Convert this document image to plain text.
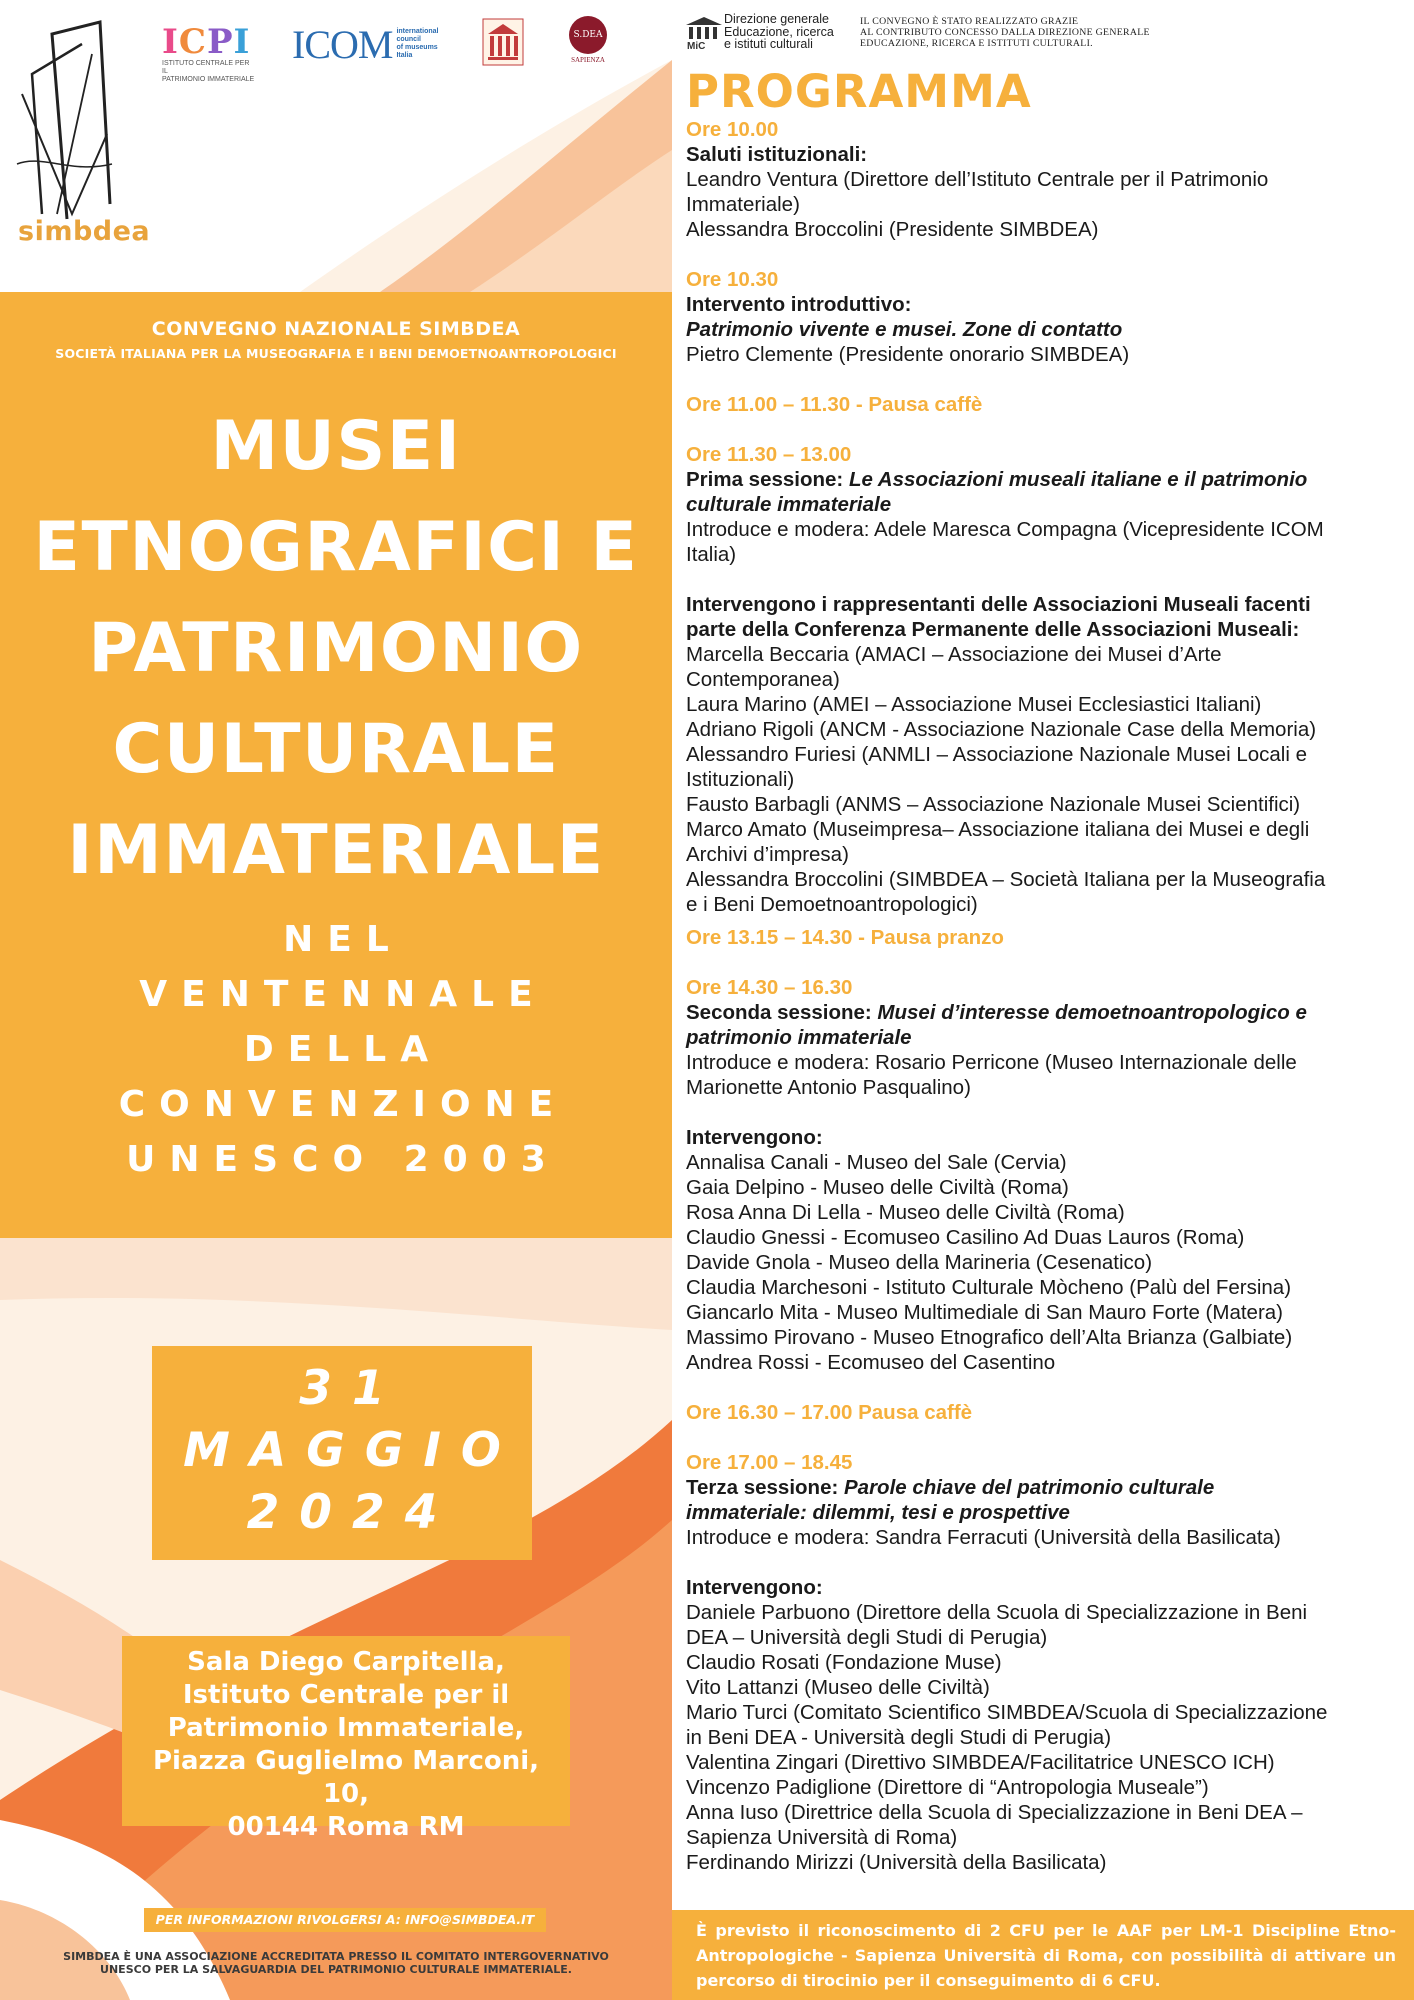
simbdea
ICPI
ISTITUTO CENTRALE PER IL
PATRIMONIO IMMATERIALE
ICOM international
council
of museums
Italia
S.DEA
SAPIENZA
CONVEGNO NAZIONALE SIMBDEA
SOCIETÀ ITALIANA PER LA MUSEOGRAFIA E I BENI DEMOETNOANTROPOLOGICI
MUSEI
ETNOGRAFICI E
PATRIMONIO
CULTURALE
IMMATERIALE
NEL
VENTENNALE
DELLA
CONVENZIONE
UNESCO 2003
31
MAGGIO
2024
Sala Diego Carpitella,
Istituto Centrale per il
Patrimonio Immateriale,
Piazza Guglielmo Marconi, 10,
00144 Roma RM
PER INFORMAZIONI RIVOLGERSI A: INFO@SIMBDEA.IT
SIMBDEA È UNA ASSOCIAZIONE ACCREDITATA PRESSO IL COMITATO INTERGOVERNATIVO
UNESCO PER LA SALVAGUARDIA DEL PATRIMONIO CULTURALE IMMATERIALE.
MiC
Direzione generale
Educazione, ricerca
e istituti culturali
IL CONVEGNO È STATO REALIZZATO GRAZIE
AL CONTRIBUTO CONCESSO DALLA DIREZIONE GENERALE
EDUCAZIONE, RICERCA E ISTITUTI CULTURALI.
PROGRAMMA
Ore 10.00
Saluti istituzionali:
Leandro Ventura (Direttore dell’Istituto Centrale per il Patrimonio
Immateriale)
Alessandra Broccolini (Presidente SIMBDEA)
Ore 10.30
Intervento introduttivo:
Patrimonio vivente e musei. Zone di contatto
Pietro Clemente (Presidente onorario SIMBDEA)
Ore 11.00 – 11.30 - Pausa caffè
Ore 11.30 – 13.00
Prima sessione: Le Associazioni museali italiane e il patrimonio
culturale immateriale
Introduce e modera: Adele Maresca Compagna (Vicepresidente ICOM
Italia)
Intervengono i rappresentanti delle Associazioni Museali facenti
parte della Conferenza Permanente delle Associazioni Museali:
Marcella Beccaria (AMACI – Associazione dei Musei d’Arte
Contemporanea)
Laura Marino (AMEI – Associazione Musei Ecclesiastici Italiani)
Adriano Rigoli (ANCM - Associazione Nazionale Case della Memoria)
Alessandro Furiesi (ANMLI – Associazione Nazionale Musei Locali e
Istituzionali)
Fausto Barbagli (ANMS – Associazione Nazionale Musei Scientifici)
Marco Amato (Museimpresa– Associazione italiana dei Musei e degli
Archivi d’impresa)
Alessandra Broccolini (SIMBDEA – Società Italiana per la Museografia
e i Beni Demoetnoantropologici)
Ore 13.15 – 14.30 - Pausa pranzo
Ore 14.30 – 16.30
Seconda sessione: Musei d’interesse demoetnoantropologico e
patrimonio immateriale
Introduce e modera: Rosario Perricone (Museo Internazionale delle
Marionette Antonio Pasqualino)
Intervengono:
Annalisa Canali - Museo del Sale (Cervia)
Gaia Delpino - Museo delle Civiltà (Roma)
Rosa Anna Di Lella - Museo delle Civiltà (Roma)
Claudio Gnessi - Ecomuseo Casilino Ad Duas Lauros (Roma)
Davide Gnola - Museo della Marineria (Cesenatico)
Claudia Marchesoni - Istituto Culturale Mòcheno (Palù del Fersina)
Giancarlo Mita - Museo Multimediale di San Mauro Forte (Matera)
Massimo Pirovano - Museo Etnografico dell’Alta Brianza (Galbiate)
Andrea Rossi - Ecomuseo del Casentino
Ore 16.30 – 17.00 Pausa caffè
Ore 17.00 – 18.45
Terza sessione: Parole chiave del patrimonio culturale
immateriale: dilemmi, tesi e prospettive
Introduce e modera: Sandra Ferracuti (Università della Basilicata)
Intervengono:
Daniele Parbuono (Direttore della Scuola di Specializzazione in Beni
DEA – Università degli Studi di Perugia)
Claudio Rosati (Fondazione Muse)
Vito Lattanzi (Museo delle Civiltà)
Mario Turci (Comitato Scientifico SIMBDEA/Scuola di Specializzazione
in Beni DEA - Università degli Studi di Perugia)
Valentina Zingari (Direttivo SIMBDEA/Facilitatrice UNESCO ICH)
Vincenzo Padiglione (Direttore di “Antropologia Museale”)
Anna Iuso (Direttrice della Scuola di Specializzazione in Beni DEA –
Sapienza Università di Roma)
Ferdinando Mirizzi (Università della Basilicata)
È previsto il riconoscimento di 2 CFU per le AAF per LM-1 Discipline Etno-Antropologiche - Sapienza Università di Roma, con possibilità di attivare un percorso di tirocinio per il conseguimento di 6 CFU.
